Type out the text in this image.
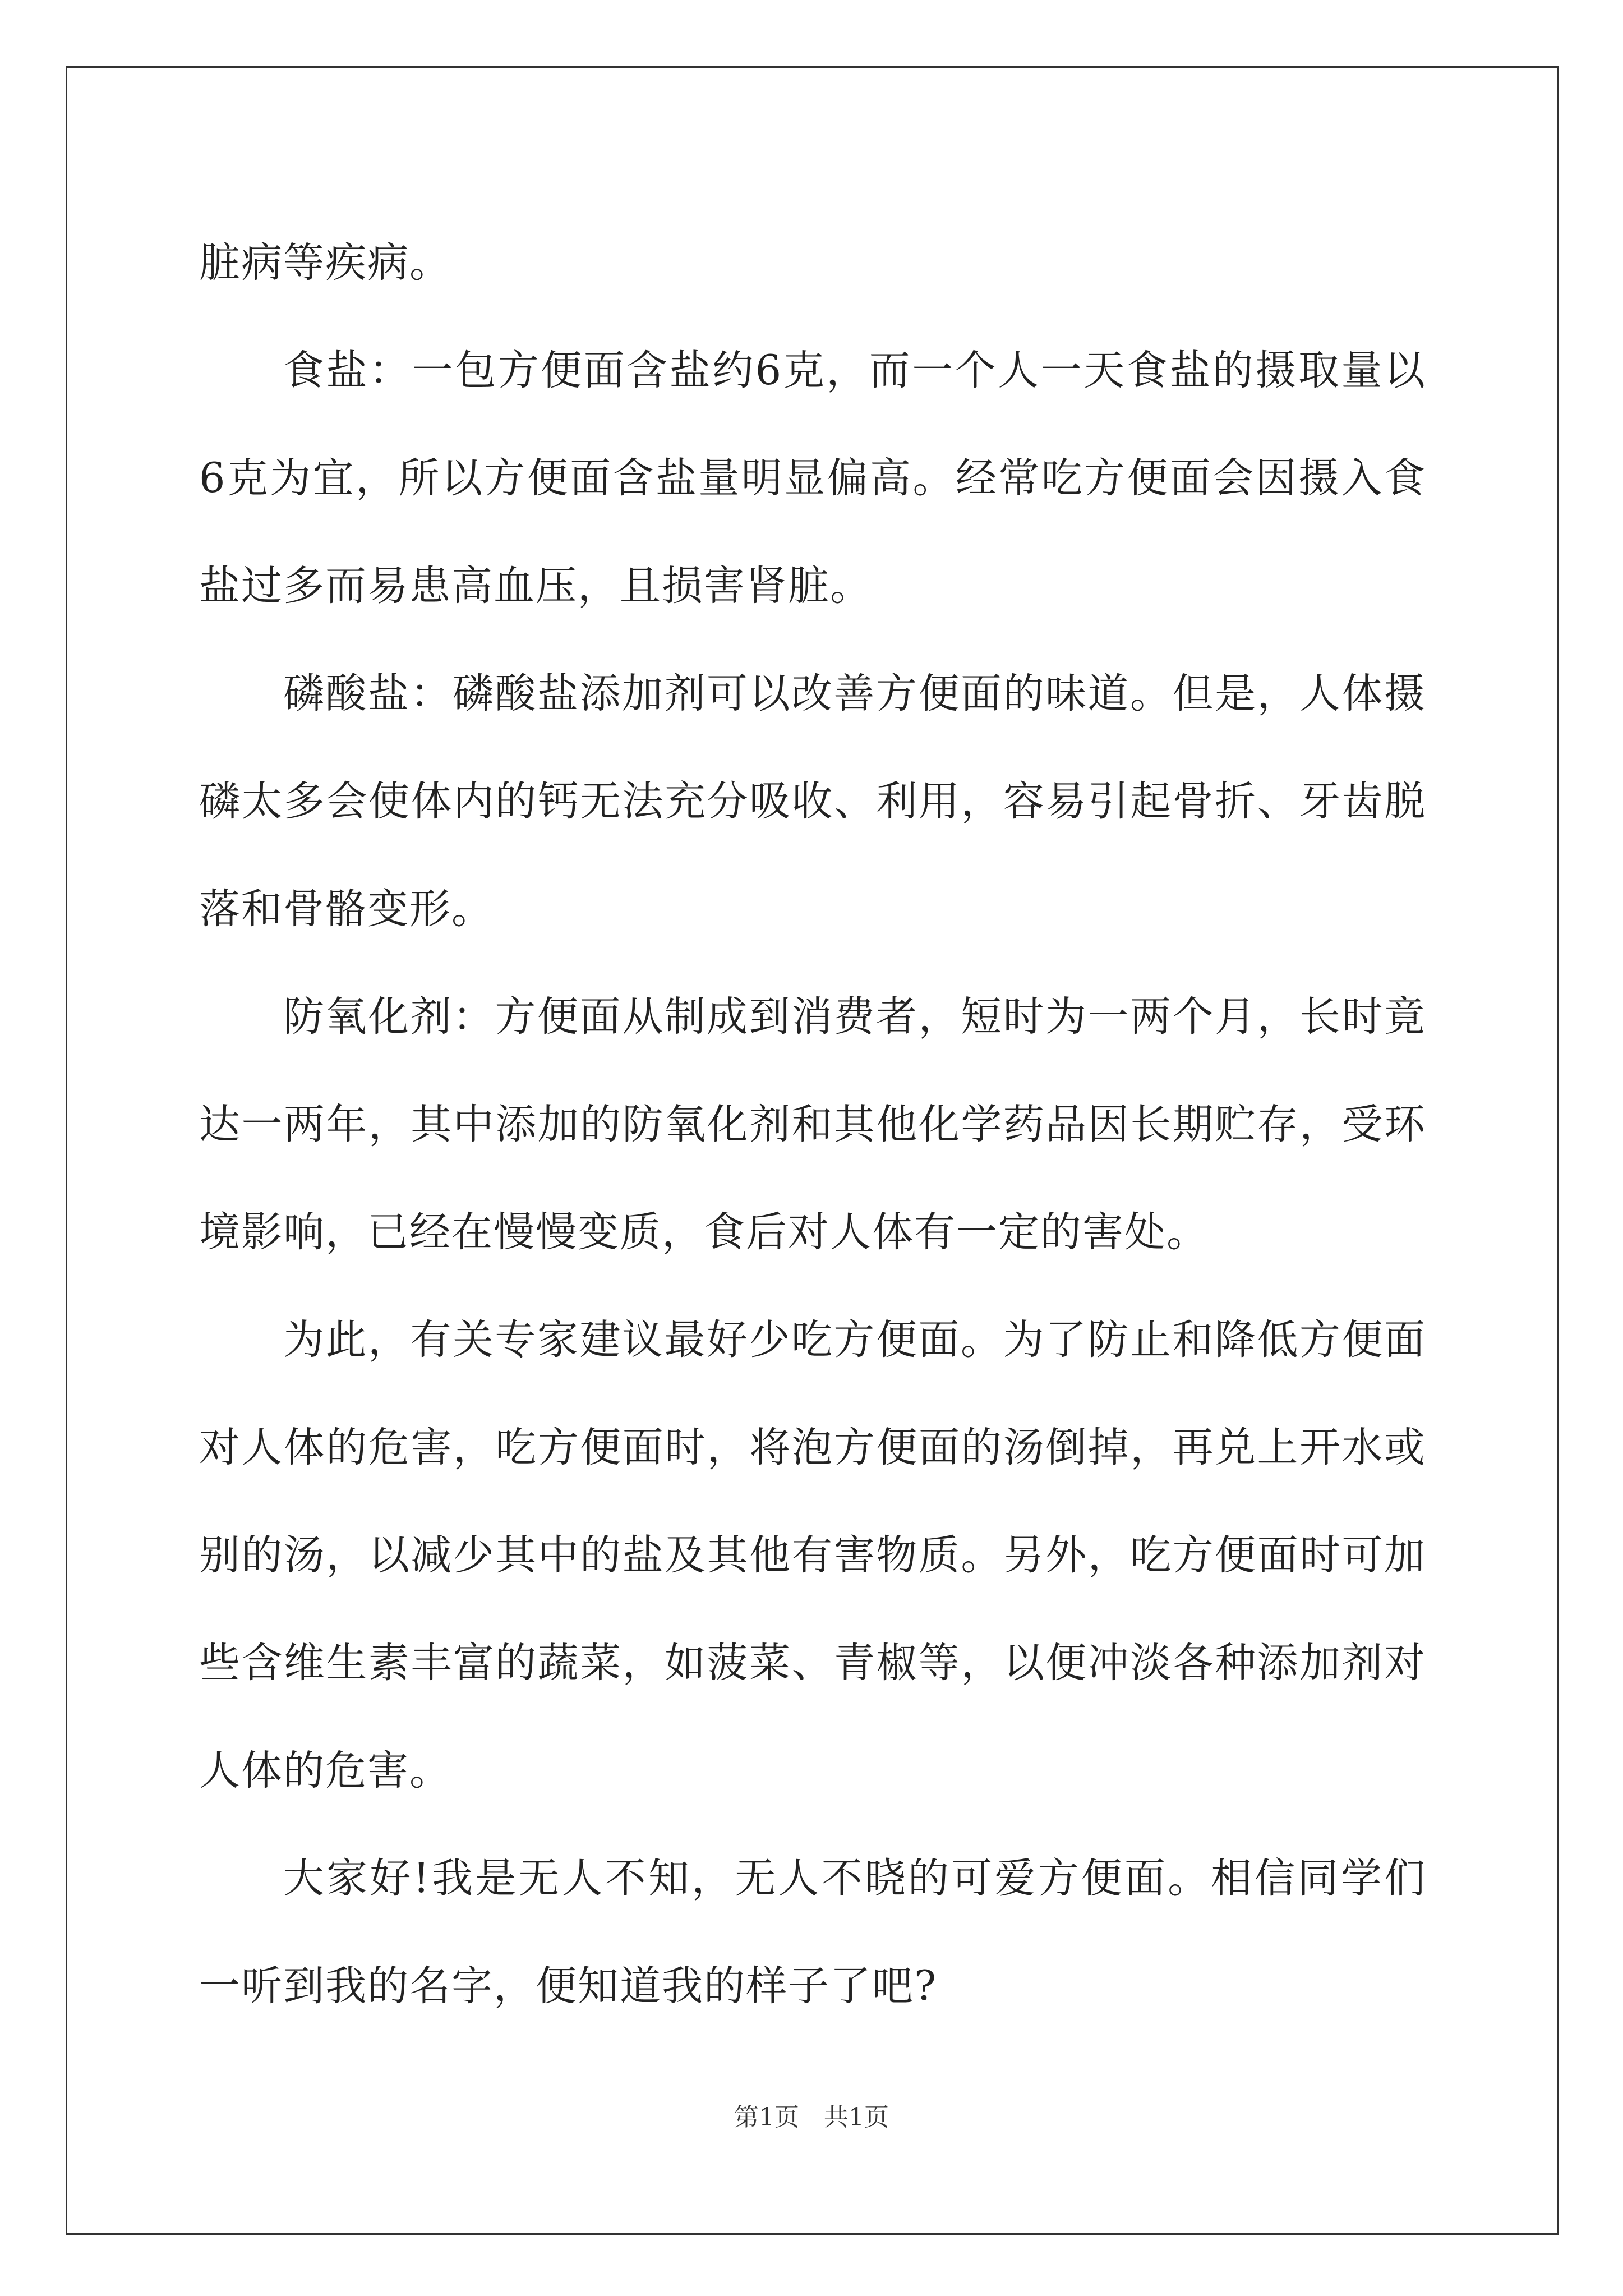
脏病等疾病。

食盐：一包方便面含盐约6克，而一个人一天食盐的摄取量以6克为宜，所以方便面含盐量明显偏高。经常吃方便面会因摄入食盐过多而易患高血压，且损害肾脏。

磷酸盐：磷酸盐添加剂可以改善方便面的味道。但是，人体摄磷太多会使体内的钙无法充分吸收、利用，容易引起骨折、牙齿脱落和骨骼变形。

防氧化剂：方便面从制成到消费者，短时为一两个月，长时竟达一两年，其中添加的防氧化剂和其他化学药品因长期贮存，受环境影响，已经在慢慢变质，食后对人体有一定的害处。

为此，有关专家建议最好少吃方便面。为了防止和降低方便面对人体的危害，吃方便面时，将泡方便面的汤倒掉，再兑上开水或别的汤，以减少其中的盐及其他有害物质。另外，吃方便面时可加些含维生素丰富的蔬菜，如菠菜、青椒等，以便冲淡各种添加剂对人体的危害。

大家好!我是无人不知，无人不晓的可爱方便面。相信同学们一听到我的名字，便知道我的样子了吧?

第1页 共1页
